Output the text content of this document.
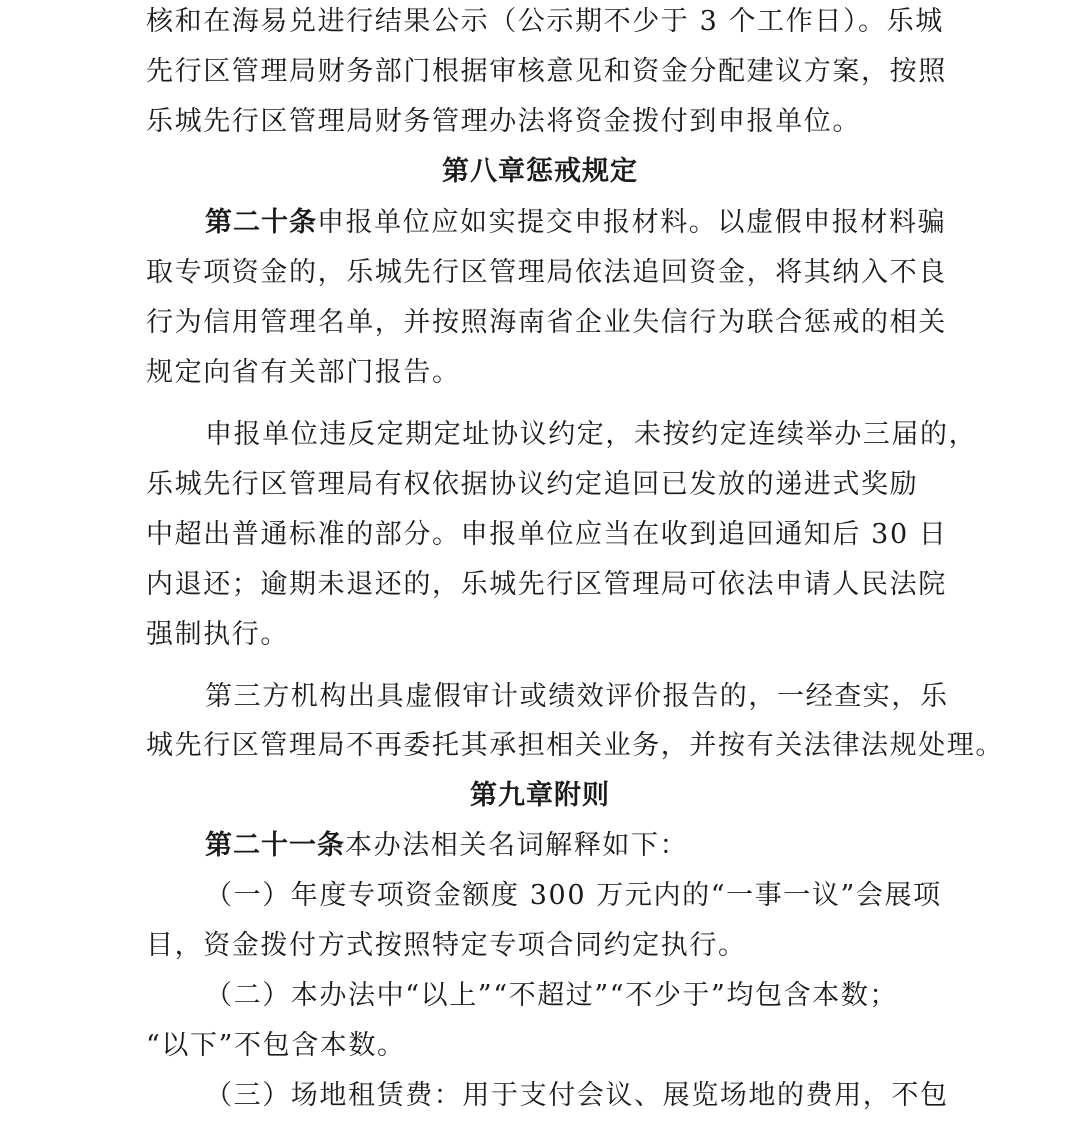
核和在海易兑进行结果公示（公示期不少于 3 个工作日）。乐城
先行区管理局财务部门根据审核意见和资金分配建议方案，按照
乐城先行区管理局财务管理办法将资金拨付到申报单位。
第八章惩戒规定
第二十条申报单位应如实提交申报材料。以虚假申报材料骗
取专项资金的，乐城先行区管理局依法追回资金，将其纳入不良
行为信用管理名单，并按照海南省企业失信行为联合惩戒的相关
规定向省有关部门报告。
申报单位违反定期定址协议约定，未按约定连续举办三届的，
乐城先行区管理局有权依据协议约定追回已发放的递进式奖励
中超出普通标准的部分。申报单位应当在收到追回通知后 30 日
内退还；逾期未退还的，乐城先行区管理局可依法申请人民法院
强制执行。
第三方机构出具虚假审计或绩效评价报告的，一经查实，乐
城先行区管理局不再委托其承担相关业务，并按有关法律法规处理。
第九章附则
第二十一条本办法相关名词解释如下：
（一）年度专项资金额度 300 万元内的“一事一议”会展项
目，资金拨付方式按照特定专项合同约定执行。
（二）本办法中“以上”“不超过”“不少于”均包含本数；
“以下”不包含本数。
（三）场地租赁费：用于支付会议、展览场地的费用，不包
